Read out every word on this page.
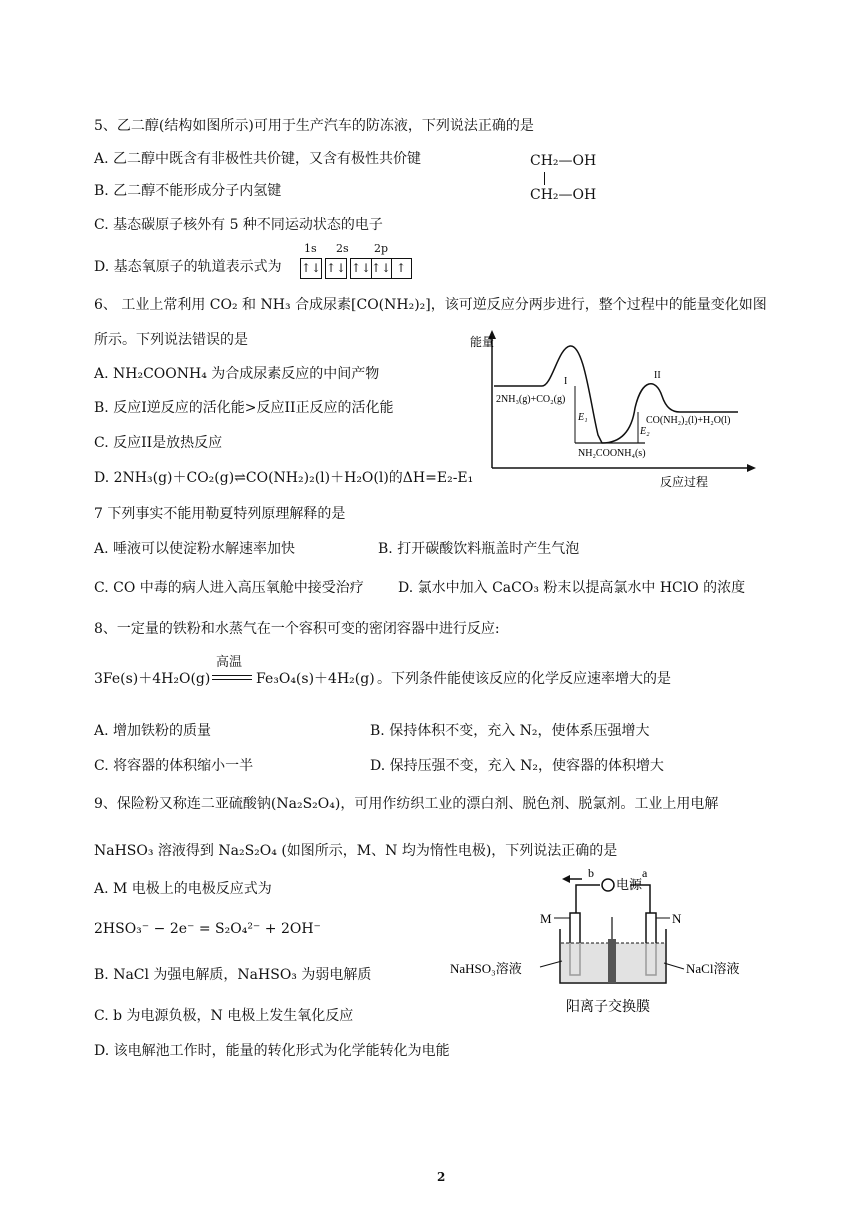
5、乙二醇(结构如图所示)可用于生产汽车的防冻液，下列说法正确的是
A. 乙二醇中既含有非极性共价键，又含有极性共价键
B. 乙二醇不能形成分子内氢键
C. 基态碳原子核外有 5 种不同运动状态的电子
D. 基态氧原子的轨道表示式为
CH₂—OH
CH₂—OH
1s 2s 2p
↑↓ ↑↓ ↑↓ ↑↓ ↑
6、 工业上常利用 CO₂ 和 NH₃ 合成尿素[CO(NH₂)₂]，该可逆反应分两步进行，整个过程中的能量变化如图
所示。下列说法错误的是
A. NH₂COONH₄ 为合成尿素反应的中间产物
B. 反应I逆反应的活化能>反应II正反应的活化能
C. 反应II是放热反应
D. 2NH₃(g)＋CO₂(g)⇌CO(NH₂)₂(l)＋H₂O(l)的ΔH=E₂-E₁
能量
I
II
2NH₃(g)+CO₂(g)
CO(NH₂)₂(l)+H₂O(l)
NH₂COONH₄(s)
E₁
E₂
反应过程
7 下列事实不能用勒夏特列原理解释的是
A. 唾液可以使淀粉水解速率加快	B. 打开碳酸饮料瓶盖时产生气泡
C. CO 中毒的病人进入高压氧舱中接受治疗 D. 氯水中加入 CaCO₃ 粉末以提高氯水中 HClO 的浓度
8、一定量的铁粉和水蒸气在一个容积可变的密闭容器中进行反应:
3Fe(s)＋4H₂O(g)
高温
Fe₃O₄(s)＋4H₂(g) 。下列条件能使该反应的化学反应速率增大的是
A. 增加铁粉的质量	B. 保持体积不变，充入 N₂，使体系压强增大
C. 将容器的体积缩小一半	D. 保持压强不变，充入 N₂，使容器的体积增大
9、保险粉又称连二亚硫酸钠(Na₂S₂O₄)，可用作纺织工业的漂白剂、脱色剂、脱氯剂。工业上用电解
NaHSO₃ 溶液得到 Na₂S₂O₄ (如图所示，M、N 均为惰性电极)，下列说法正确的是
A. M 电极上的电极反应式为
2HSO₃⁻ − 2e⁻ = S₂O₄²⁻ + 2OH⁻
B. NaCl 为强电解质，NaHSO₃ 为弱电解质
C. b 为电源负极，N 电极上发生氧化反应
D. 该电解池工作时，能量的转化形式为化学能转化为电能
b
电源
a
M	N
NaHSO₃溶液	NaCl溶液
阳离子交换膜
2
